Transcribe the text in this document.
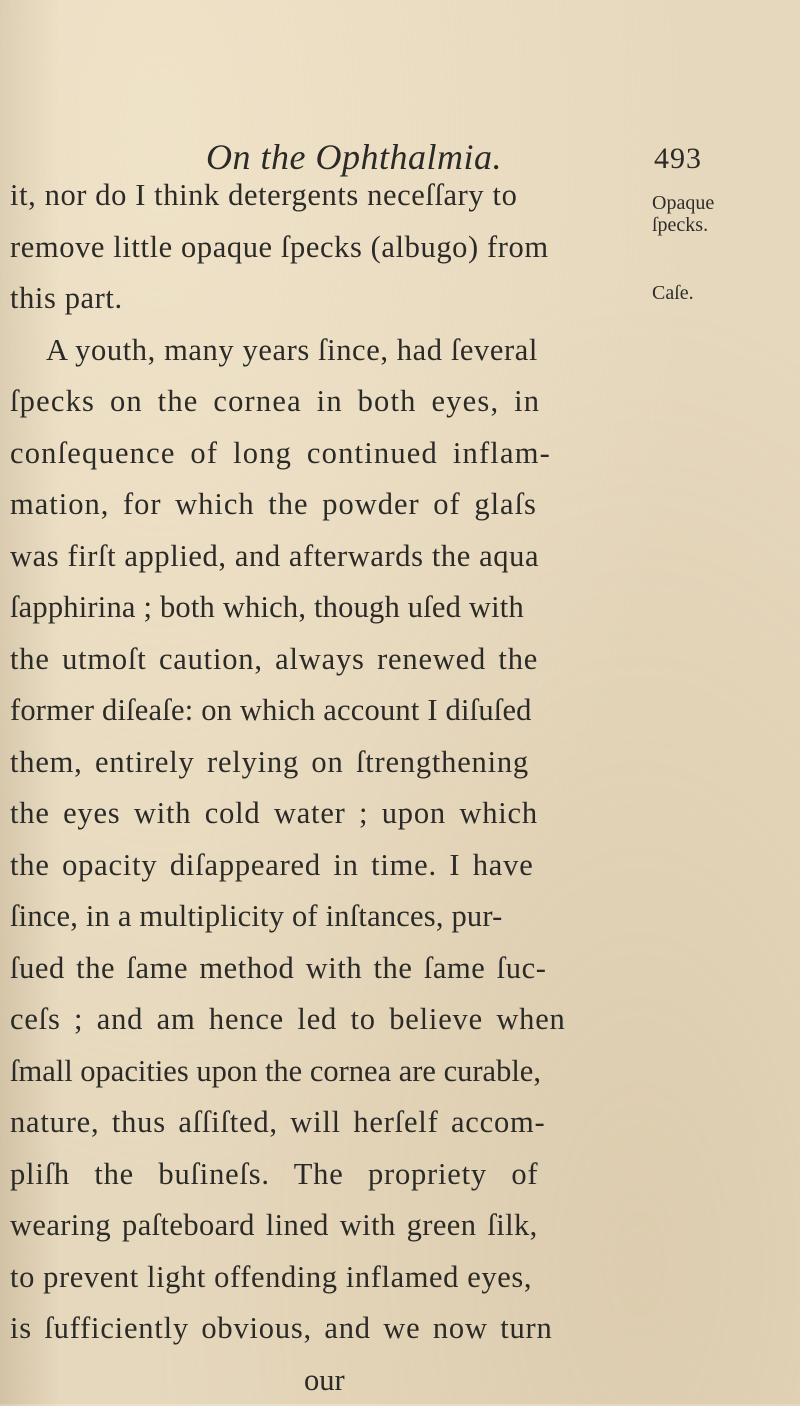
On the Ophthalmia.	493
Opaque
ſpecks.
Caſe.
it, nor do I think detergents neceſſary to
remove little opaque ſpecks (albugo) from
this part.
A youth, many years ſince, had ſeveral
ſpecks on the cornea in both eyes, in
conſequence of long continued inflam-
mation, for which the powder of glaſs
was firſt applied, and afterwards the aqua
ſapphirina ; both which, though uſed with
the utmoſt caution, always renewed the
former diſeaſe: on which account I diſuſed
them, entirely relying on ſtrengthening
the eyes with cold water ; upon which
the opacity diſappeared in time. I have
ſince, in a multiplicity of inſtances, pur-
ſued the ſame method with the ſame ſuc-
ceſs ; and am hence led to believe when
ſmall opacities upon the cornea are curable,
nature, thus aſſiſted, will herſelf accom-
pliſh the buſineſs. The propriety of
wearing paſteboard lined with green ſilk,
to prevent light offending inflamed eyes,
is ſufficiently obvious, and we now turn
our
